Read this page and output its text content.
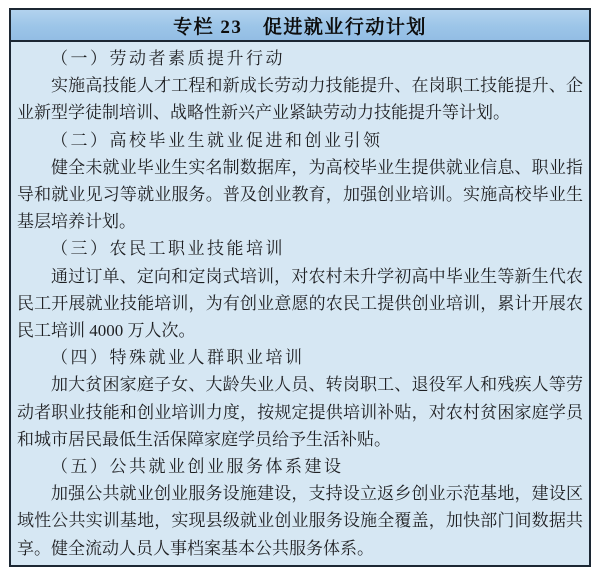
专栏 23　促进就业行动计划

（一）劳动者素质提升行动

实施高技能人才工程和新成长劳动力技能提升、在岗职工技能提升、企业新型学徒制培训、战略性新兴产业紧缺劳动力技能提升等计划。

（二）高校毕业生就业促进和创业引领

健全未就业毕业生实名制数据库，为高校毕业生提供就业信息、职业指导和就业见习等就业服务。普及创业教育，加强创业培训。实施高校毕业生基层培养计划。

（三）农民工职业技能培训

通过订单、定向和定岗式培训，对农村未升学初高中毕业生等新生代农民工开展就业技能培训，为有创业意愿的农民工提供创业培训，累计开展农民工培训 4000 万人次。

（四）特殊就业人群职业培训

加大贫困家庭子女、大龄失业人员、转岗职工、退役军人和残疾人等劳动者职业技能和创业培训力度，按规定提供培训补贴，对农村贫困家庭学员和城市居民最低生活保障家庭学员给予生活补贴。

（五）公共就业创业服务体系建设

加强公共就业创业服务设施建设，支持设立返乡创业示范基地，建设区域性公共实训基地，实现县级就业创业服务设施全覆盖，加快部门间数据共享。健全流动人员人事档案基本公共服务体系。
